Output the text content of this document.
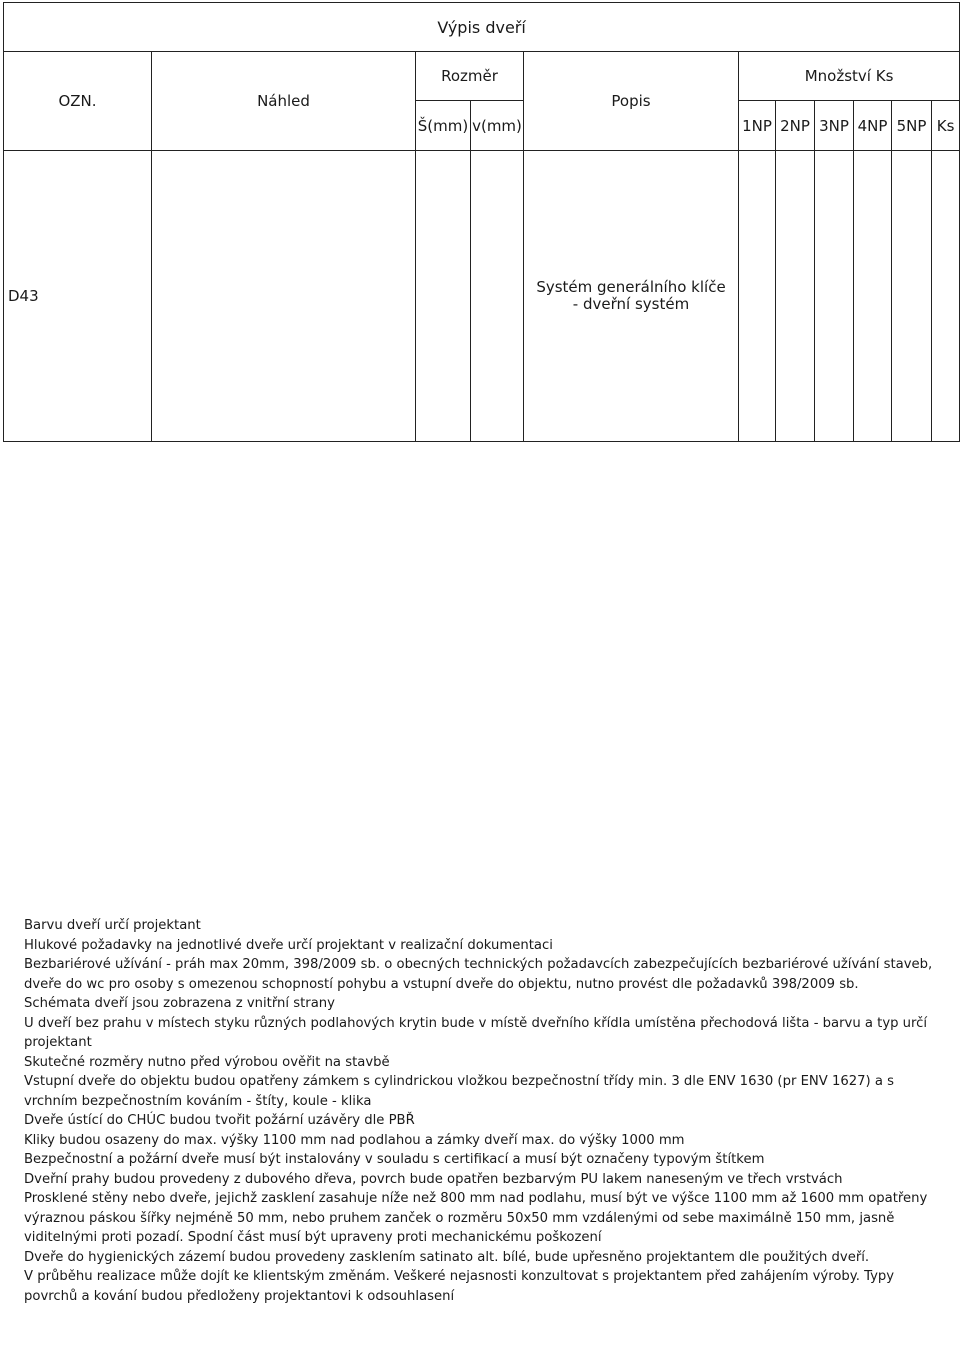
Výpis dveří										
OZN.	Náhled	Rozměr		Popis	Množství Ks					
		Š(mm)	v(mm)		1NP	2NP	3NP	4NP	5NP	Ks
D43				Systém generálního klíče
- dveřní systém						

Barvu dveří určí projektant

Hlukové požadavky na jednotlivé dveře určí projektant v realizační dokumentaci

Bezbariérové užívání - práh max 20mm, 398/2009 sb. o obecných technických požadavcích zabezpečujících bezbariérové užívání staveb, dveře do wc pro osoby s omezenou schopností pohybu a vstupní dveře do objektu, nutno provést dle požadavků 398/2009 sb.

Schémata dveří jsou zobrazena z vnitřní strany

U dveří bez prahu v místech styku různých podlahových krytin bude v místě dveřního křídla umístěna přechodová lišta - barvu a typ určí projektant

Skutečné rozměry nutno před výrobou ověřit na stavbě

Vstupní dveře do objektu budou opatřeny zámkem s cylindrickou vložkou bezpečnostní třídy min. 3 dle ENV 1630 (pr ENV 1627) a s vrchním bezpečnostním kováním - štíty, koule - klika

Dveře ústící do CHÚC budou tvořit požární uzávěry dle PBŘ

Kliky budou osazeny do max. výšky 1100 mm nad podlahou a zámky dveří max. do výšky 1000 mm

Bezpečnostní a požární dveře musí být instalovány v souladu s certifikací a musí být označeny typovým štítkem

Dveřní prahy budou provedeny z dubového dřeva, povrch bude opatřen bezbarvým PU lakem naneseným ve třech vrstvách

Prosklené stěny nebo dveře, jejichž zasklení zasahuje níže než 800 mm nad podlahu, musí být ve výšce 1100 mm až 1600 mm opatřeny výraznou páskou šířky nejméně 50 mm, nebo pruhem zanček o rozměru 50x50 mm vzdálenými od sebe maximálně 150 mm, jasně viditelnými proti pozadí. Spodní část musí být upraveny proti mechanickému poškození

Dveře do hygienických zázemí budou provedeny zasklením satinato alt. bílé, bude upřesněno projektantem dle použitých dveří.

V průběhu realizace může dojít ke klientským změnám. Veškeré nejasnosti konzultovat s projektantem před zahájením výroby. Typy povrchů a kování budou předloženy projektantovi k odsouhlasení
